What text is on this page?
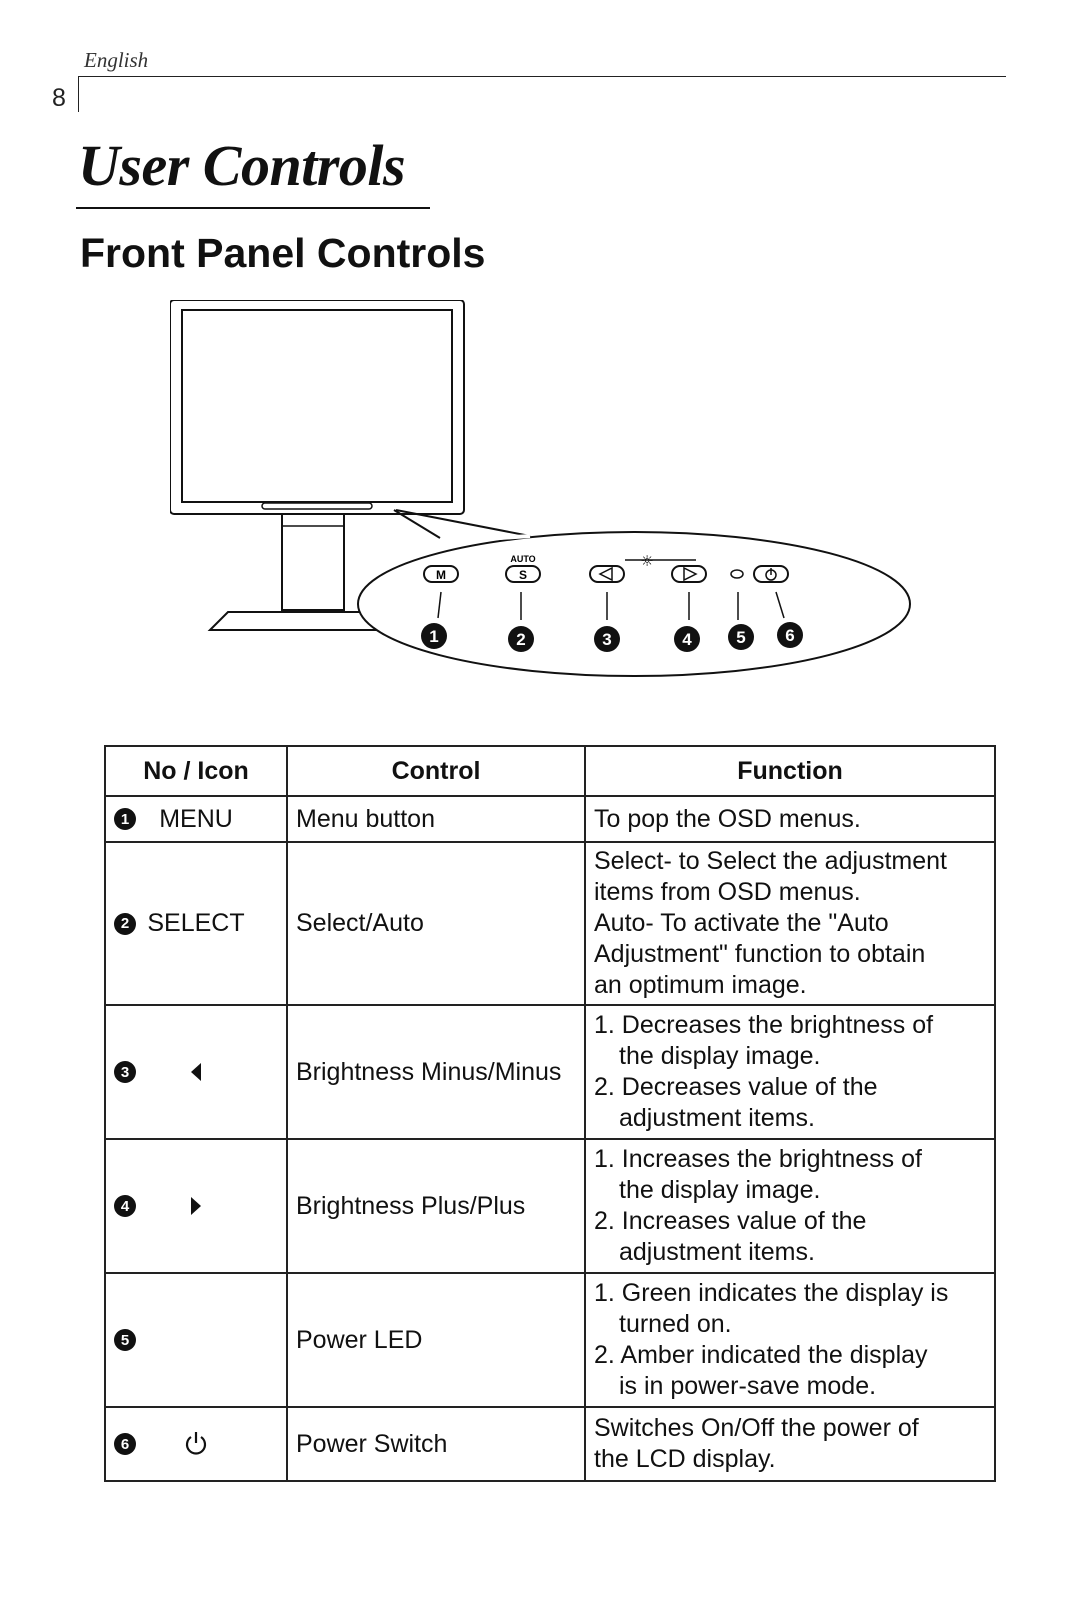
English
8
User Controls
Front Panel Controls
M
AUTO
S
☼
1	2	3	4	5 6
No / Icon	Control	Function

1 MENU	Menu button	To pop the OSD menus.

2 SELECT	Select/Auto	Select- to Select the adjustment
items from OSD menus.
Auto- To activate the "Auto
Adjustment" function to obtain
an optimum image.

3	Brightness Minus/Minus	1. Decreases the brightness of
the display image.
2. Decreases value of the
adjustment items.

4	Brightness Plus/Plus	1. Increases the brightness of
the display image.
2. Increases value of the
adjustment items.

5	Power LED	1. Green indicates the display is
turned on.
2. Amber indicated the display
is in power-save mode.

6	Power Switch	Switches On/Off the power of
the LCD display.
